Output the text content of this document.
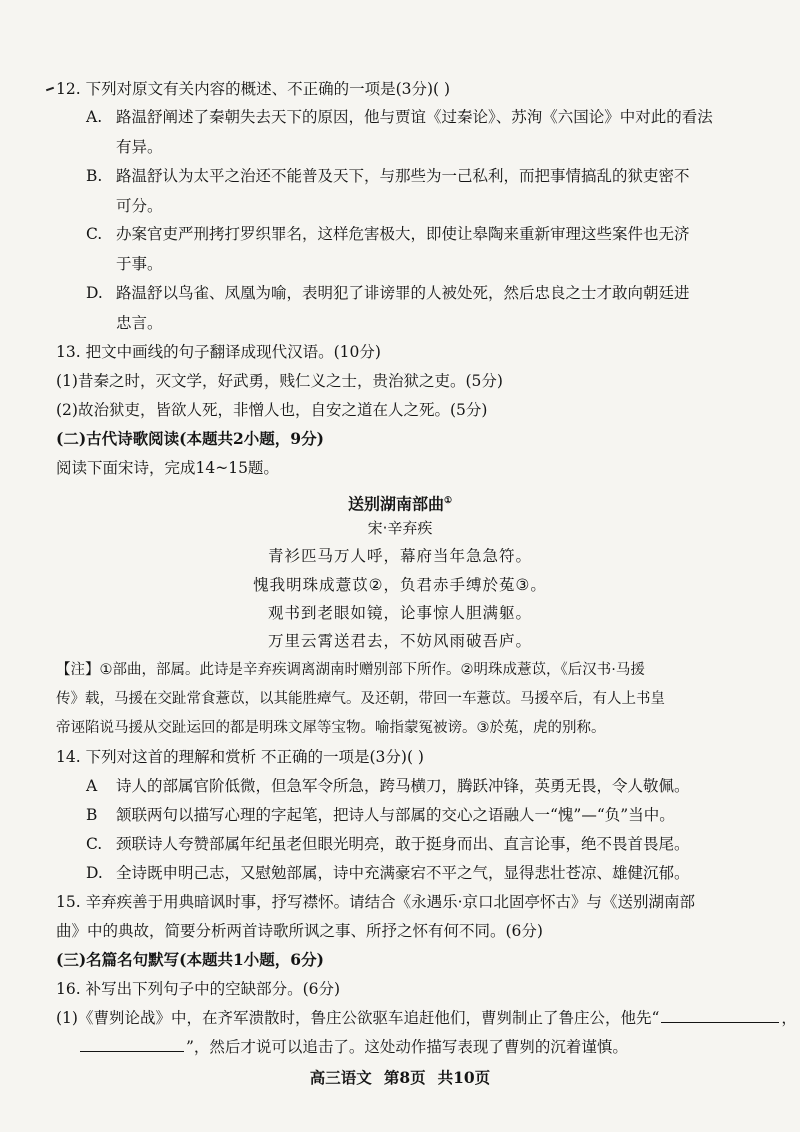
12. 下列对原文有关内容的概述、不正确的一项是(3分)( )
A. 路温舒阐述了秦朝失去天下的原因，他与贾谊《过秦论》、苏洵《六国论》中对此的看法
有异。
B. 路温舒认为太平之治还不能普及天下，与那些为一己私利，而把事情搞乱的狱吏密不
可分。
C. 办案官吏严刑拷打罗织罪名，这样危害极大，即使让皋陶来重新审理这些案件也无济
于事。
D. 路温舒以鸟雀、凤凰为喻，表明犯了诽谤罪的人被处死，然后忠良之士才敢向朝廷进
忠言。
13. 把文中画线的句子翻译成现代汉语。(10分)
(1)昔秦之时，灭文学，好武勇，贱仁义之士，贵治狱之吏。(5分)
(2)故治狱吏，皆欲人死，非憎人也，自安之道在人之死。(5分)
(二)古代诗歌阅读(本题共2小题，9分)
阅读下面宋诗，完成14~15题。
送别湖南部曲①
宋·辛弃疾
青衫匹马万人呼，幕府当年急急符。
愧我明珠成薏苡②，负君赤手缚於菟③。
观书到老眼如镜，论事惊人胆满躯。
万里云霄送君去，不妨风雨破吾庐。
【注】①部曲，部属。此诗是辛弃疾调离湖南时赠别部下所作。②明珠成薏苡，《后汉书·马援
传》载，马援在交趾常食薏苡，以其能胜瘴气。及还朝，带回一车薏苡。马援卒后，有人上书皇
帝诬陷说马援从交趾运回的都是明珠文犀等宝物。喻指蒙冤被谤。③於菟，虎的别称。
14. 下列对这首的理解和赏析 不正确的一项是(3分)( )
A 诗人的部属官阶低微，但急军令所急，跨马横刀，腾跃冲锋，英勇无畏，令人敬佩。
B 颔联两句以描写心理的字起笔，把诗人与部属的交心之语融人一“愧”—“负”当中。
C. 颈联诗人夸赞部属年纪虽老但眼光明亮，敢于挺身而出、直言论事，绝不畏首畏尾。
D. 全诗既申明己志，又慰勉部属，诗中充满豪宕不平之气，显得悲壮苍凉、雄健沉郁。
15. 辛弃疾善于用典暗讽时事，抒写襟怀。请结合《永遇乐·京口北固亭怀古》与《送别湖南部
曲》中的典故，简要分析两首诗歌所讽之事、所抒之怀有何不同。(6分)
(三)名篇名句默写(本题共1小题，6分)
16. 补写出下列句子中的空缺部分。(6分)
(1)《曹刿论战》中，在齐军溃散时，鲁庄公欲驱车追赶他们，曹刿制止了鲁庄公，他先“	，
”，然后才说可以追击了。这处动作描写表现了曹刿的沉着谨慎。
高三语文 第8页 共10页
